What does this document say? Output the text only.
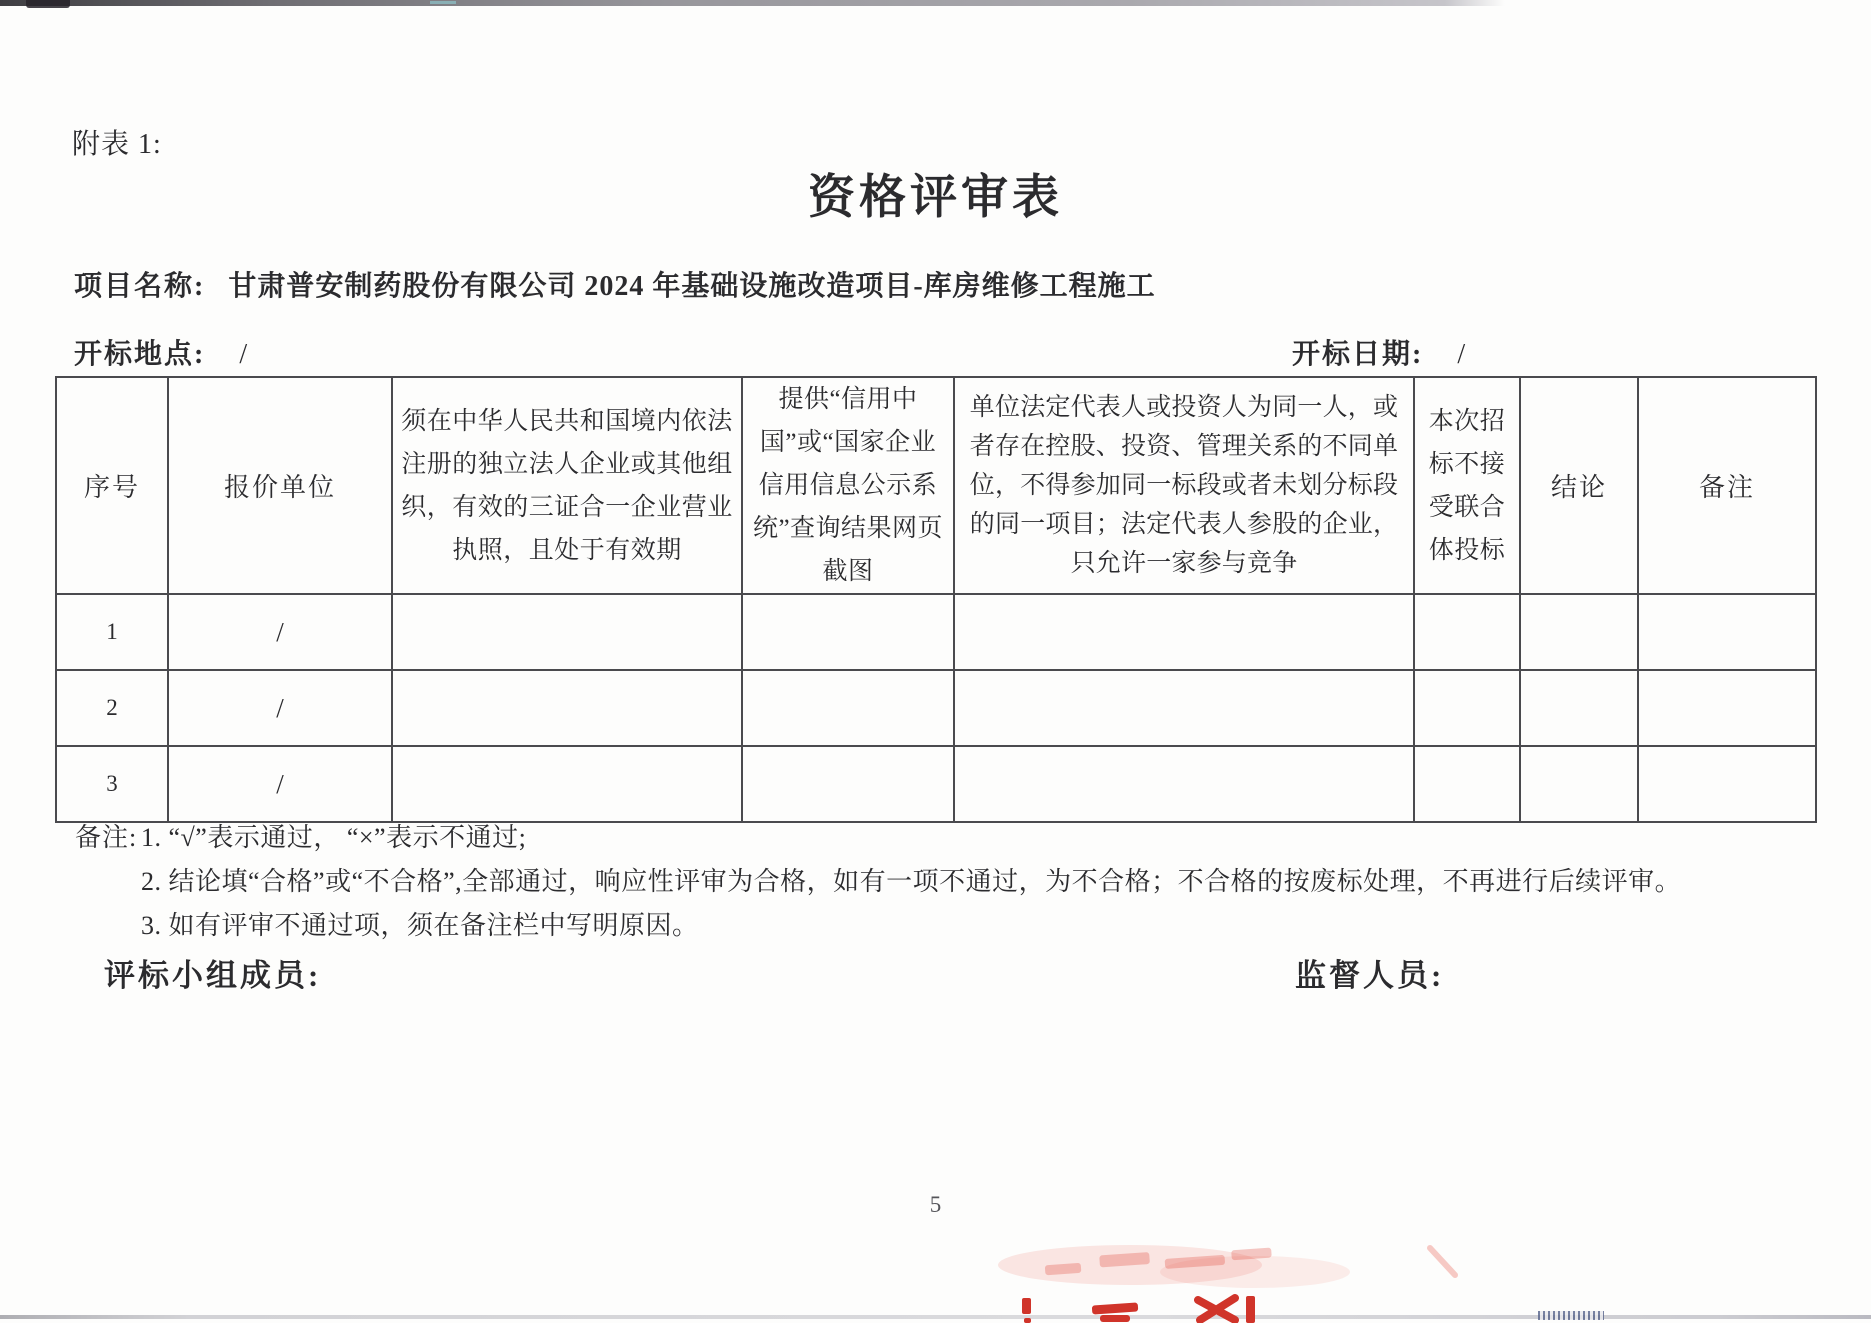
附表 1:
资格评审表
项目名称: 甘肃普安制药股份有限公司 2024 年基础设施改造项目-库房维修工程施工
开标地点: /	开标日期: /
序号	报价单位	须在中华人民共和国境内依法注册的独立法人企业或其他组织，有效的三证合一企业营业执照，且处于有效期	提供“信用中国”或“国家企业信用信息公示系统”查询结果网页截图	单位法定代表人或投资人为同一人，或者存在控股、投资、管理关系的不同单位，不得参加同一标段或者未划分标段的同一项目；法定代表人参股的企业，只允许一家参与竞争	本次招标不接受联合体投标	结论	备注
1	/						
2	/						
3	/						
备注: 1. “√”表示通过， “×”表示不通过;
2. 结论填“合格”或“不合格”,全部通过，响应性评审为合格，如有一项不通过，为不合格；不合格的按废标处理，不再进行后续评审。
3. 如有评审不通过项，须在备注栏中写明原因。
评标小组成员:	监督人员:
5
